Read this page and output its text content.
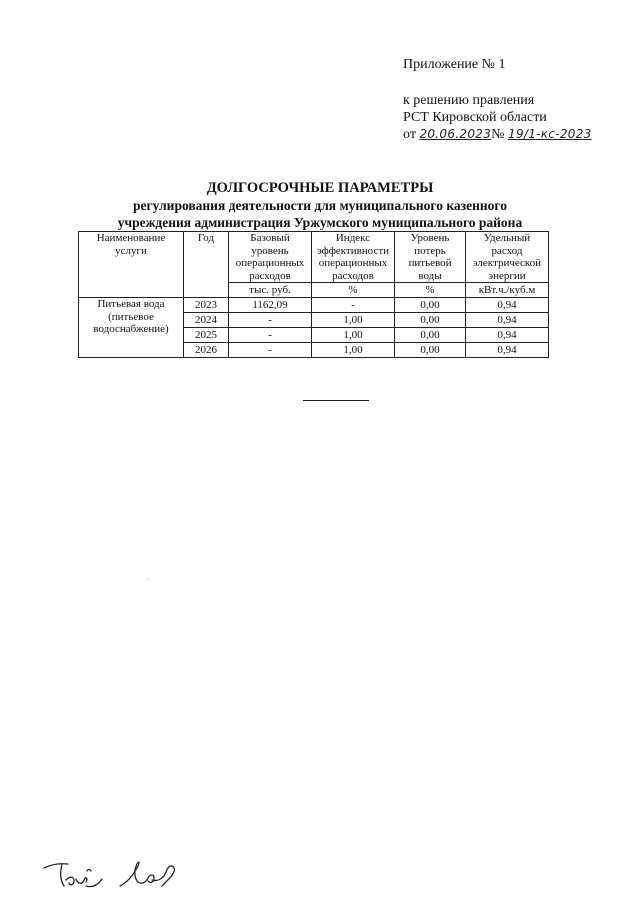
Приложение № 1
к решению правления
РСТ Кировской области
от 20.06.2023№ 19/1-кс-2023
ДОЛГОСРОЧНЫЕ ПАРАМЕТРЫ
регулирования деятельности для муниципального казенного
учреждения администрация Уржумского муниципального района
Наименование услуги	Год	Базовый уровень операционных расходов	Индекс эффективности операционных расходов	Уровень потерь питьевой воды	Удельный расход электрической энергии
		тыс. руб.	%	%	кВт.ч./куб.м
Питьевая вода (питьевое водоснабжение)	2023	1162,09	-	0,00	0,94
	2024	-	1,00	0,00	0,94
	2025	-	1,00	0,00	0,94
	2026	-	1,00	0,00	0,94
